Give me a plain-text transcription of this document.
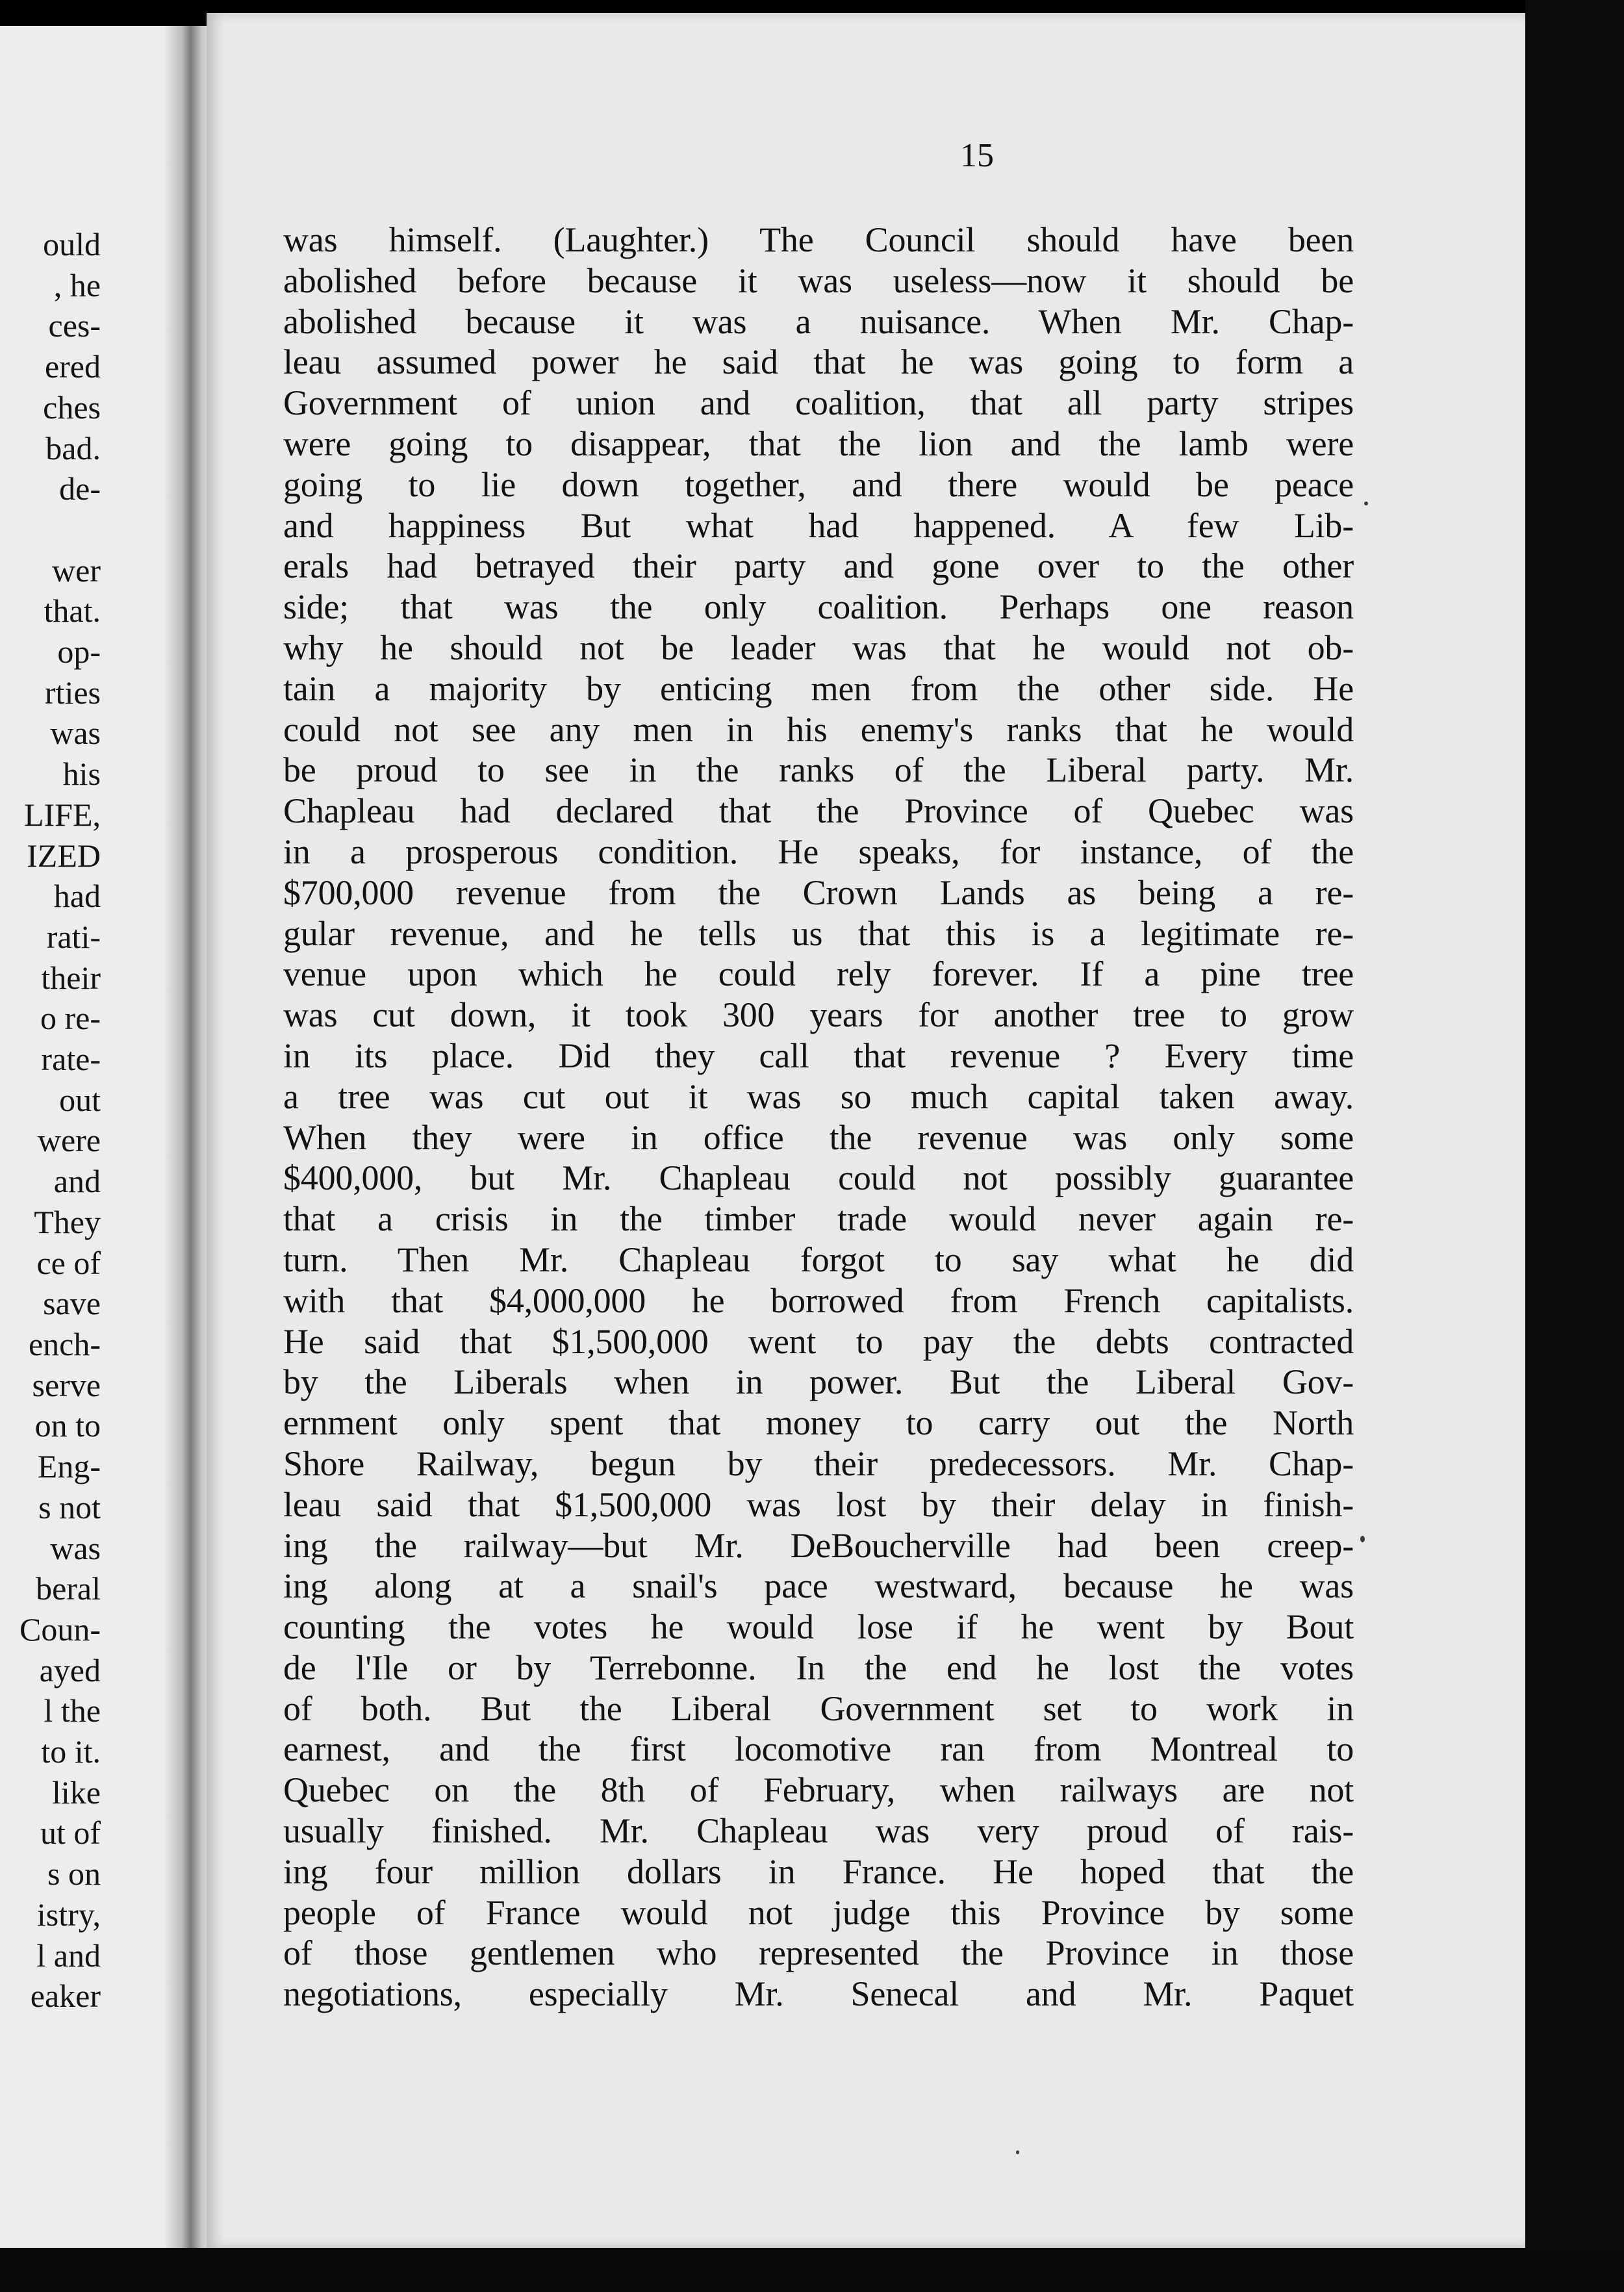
ould
, he
ces-
ered
ches
bad.
de-

wer
that.
op-
rties
was
his
LIFE,
IZED
had
rati-
their
o re-
rate-
out
were
and
They
ce of
save
ench-
serve
on to
Eng-
s not
was
beral
Coun-
ayed
l the
to it.
like
ut of
s on
istry,
l and
eaker
15
was himself. (Laughter.) The Council should have been
abolished before because it was useless—now it should be
abolished because it was a nuisance. When Mr. Chap-
leau assumed power he said that he was going to form a
Government of union and coalition, that all party stripes
were going to disappear, that the lion and the lamb were
going to lie down together, and there would be peace
and happiness But what had happened. A few Lib-
erals had betrayed their party and gone over to the other
side; that was the only coalition. Perhaps one reason
why he should not be leader was that he would not ob-
tain a majority by enticing men from the other side. He
could not see any men in his enemy's ranks that he would
be proud to see in the ranks of the Liberal party. Mr.
Chapleau had declared that the Province of Quebec was
in a prosperous condition. He speaks, for instance, of the
$700,000 revenue from the Crown Lands as being a re-
gular revenue, and he tells us that this is a legitimate re-
venue upon which he could rely forever. If a pine tree
was cut down, it took 300 years for another tree to grow
in its place. Did they call that revenue ? Every time
a tree was cut out it was so much capital taken away.
When they were in office the revenue was only some
$400,000, but Mr. Chapleau could not possibly guarantee
that a crisis in the timber trade would never again re-
turn. Then Mr. Chapleau forgot to say what he did
with that $4,000,000 he borrowed from French capitalists.
He said that $1,500,000 went to pay the debts contracted
by the Liberals when in power. But the Liberal Gov-
ernment only spent that money to carry out the North
Shore Railway, begun by their predecessors. Mr. Chap-
leau said that $1,500,000 was lost by their delay in finish-
ing the railway—but Mr. DeBoucherville had been creep-
ing along at a snail's pace westward, because he was
counting the votes he would lose if he went by Bout
de l'Ile or by Terrebonne. In the end he lost the votes
of both. But the Liberal Government set to work in
earnest, and the first locomotive ran from Montreal to
Quebec on the 8th of February, when railways are not
usually finished. Mr. Chapleau was very proud of rais-
ing four million dollars in France. He hoped that the
people of France would not judge this Province by some
of those gentlemen who represented the Province in those
negotiations, especially Mr. Senecal and Mr. Paquet
